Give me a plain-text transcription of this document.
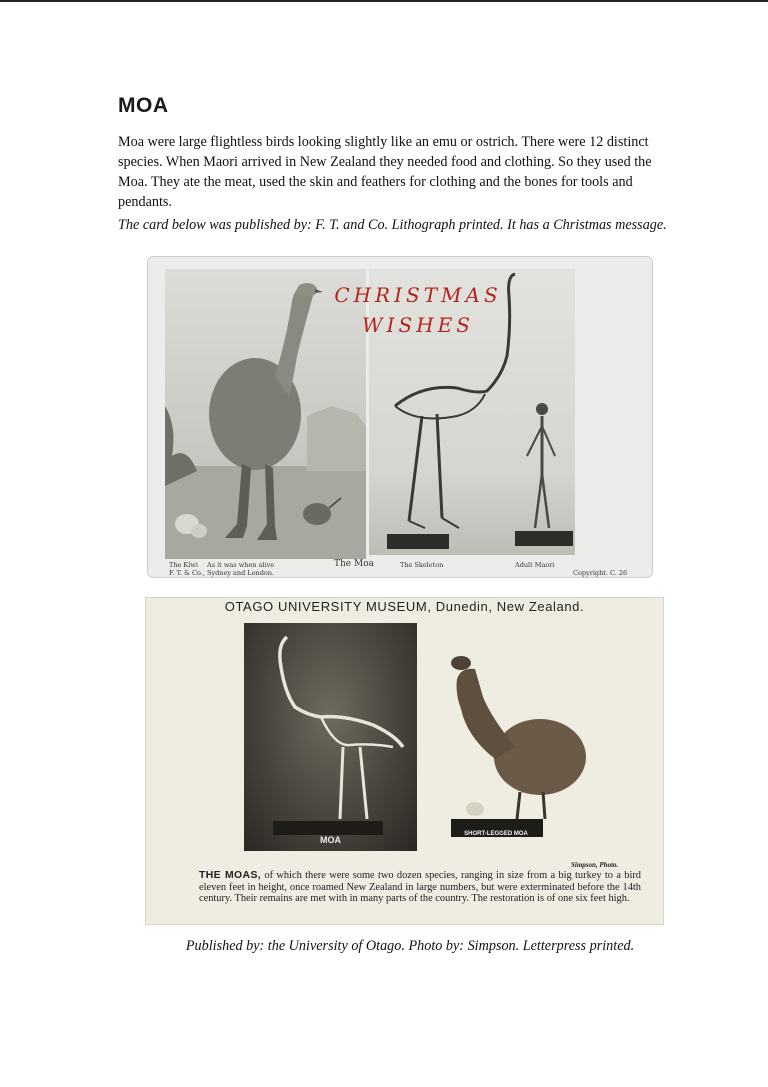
MOA
Moa were large flightless birds looking slightly like an emu or ostrich. There were 12 distinct species. When Maori arrived in New Zealand they needed food and clothing. So they used the Moa. They ate the meat, used the skin and feathers for clothing and the bones for tools and pendants.
The card below was published by: F. T. and Co. Lithograph printed. It has a Christmas message.
CHRISTMAS
WISHES
The Kiwi As it was when alive
F. T. & Co., Sydney and London.
The Moa	The Skeleton	Adult Maori
Copyright. C. 26
OTAGO UNIVERSITY MUSEUM, Dunedin, New Zealand.
MOA
SHORT-LEGGED MOA
Simpson, Photo.
THE MOAS, of which there were some two dozen species, ranging in size from a big turkey to a bird eleven feet in height, once roamed New Zealand in large numbers, but were exterminated before the 14th century. Their remains are met with in many parts of the country. The restoration is of one six feet high.
Published by: the University of Otago. Photo by: Simpson. Letterpress printed.
